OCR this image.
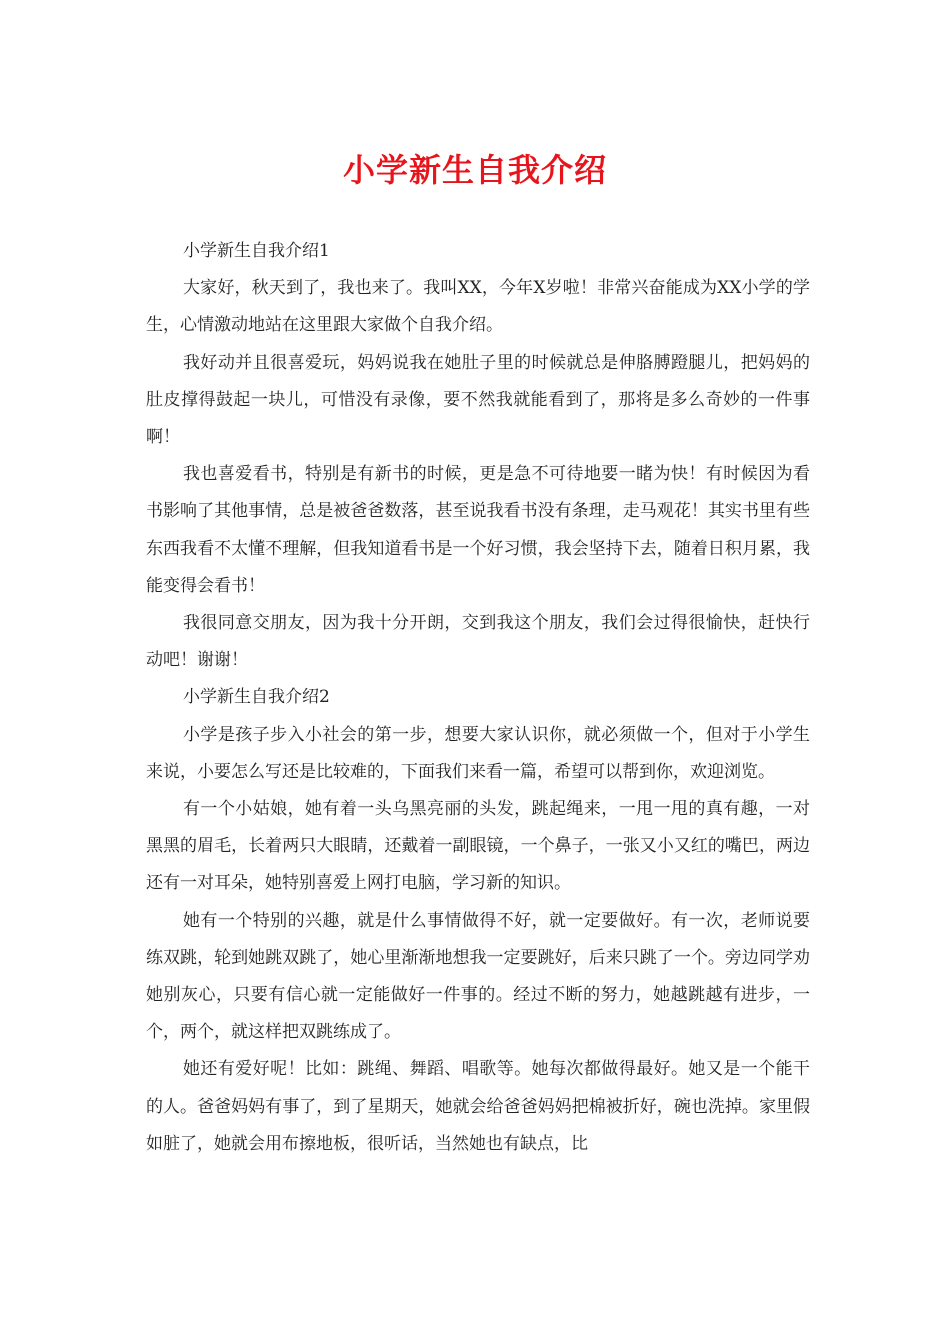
小学新生自我介绍

小学新生自我介绍1

大家好，秋天到了，我也来了。我叫XX，今年X岁啦！非常兴奋能成为XX小学的学生，心情激动地站在这里跟大家做个自我介绍。

我好动并且很喜爱玩，妈妈说我在她肚子里的时候就总是伸胳膊蹬腿儿，把妈妈的肚皮撑得鼓起一块儿，可惜没有录像，要不然我就能看到了，那将是多么奇妙的一件事啊！

我也喜爱看书，特别是有新书的时候，更是急不可待地要一睹为快！有时候因为看书影响了其他事情，总是被爸爸数落，甚至说我看书没有条理，走马观花！其实书里有些东西我看不太懂不理解，但我知道看书是一个好习惯，我会坚持下去，随着日积月累，我能变得会看书！

我很同意交朋友，因为我十分开朗，交到我这个朋友，我们会过得很愉快，赶快行动吧！谢谢！

小学新生自我介绍2

小学是孩子步入小社会的第一步，想要大家认识你，就必须做一个，但对于小学生来说，小要怎么写还是比较难的，下面我们来看一篇，希望可以帮到你，欢迎浏览。

有一个小姑娘，她有着一头乌黑亮丽的头发，跳起绳来，一甩一甩的真有趣，一对黑黑的眉毛，长着两只大眼睛，还戴着一副眼镜，一个鼻子，一张又小又红的嘴巴，两边还有一对耳朵，她特别喜爱上网打电脑，学习新的知识。

她有一个特别的兴趣，就是什么事情做得不好，就一定要做好。有一次，老师说要练双跳，轮到她跳双跳了，她心里渐渐地想我一定要跳好，后来只跳了一个。旁边同学劝她别灰心，只要有信心就一定能做好一件事的。经过不断的努力，她越跳越有进步，一个，两个，就这样把双跳练成了。

她还有爱好呢！比如：跳绳、舞蹈、唱歌等。她每次都做得最好。她又是一个能干的人。爸爸妈妈有事了，到了星期天，她就会给爸爸妈妈把棉被折好，碗也洗掉。家里假如脏了，她就会用布擦地板，很听话，当然她也有缺点，比
